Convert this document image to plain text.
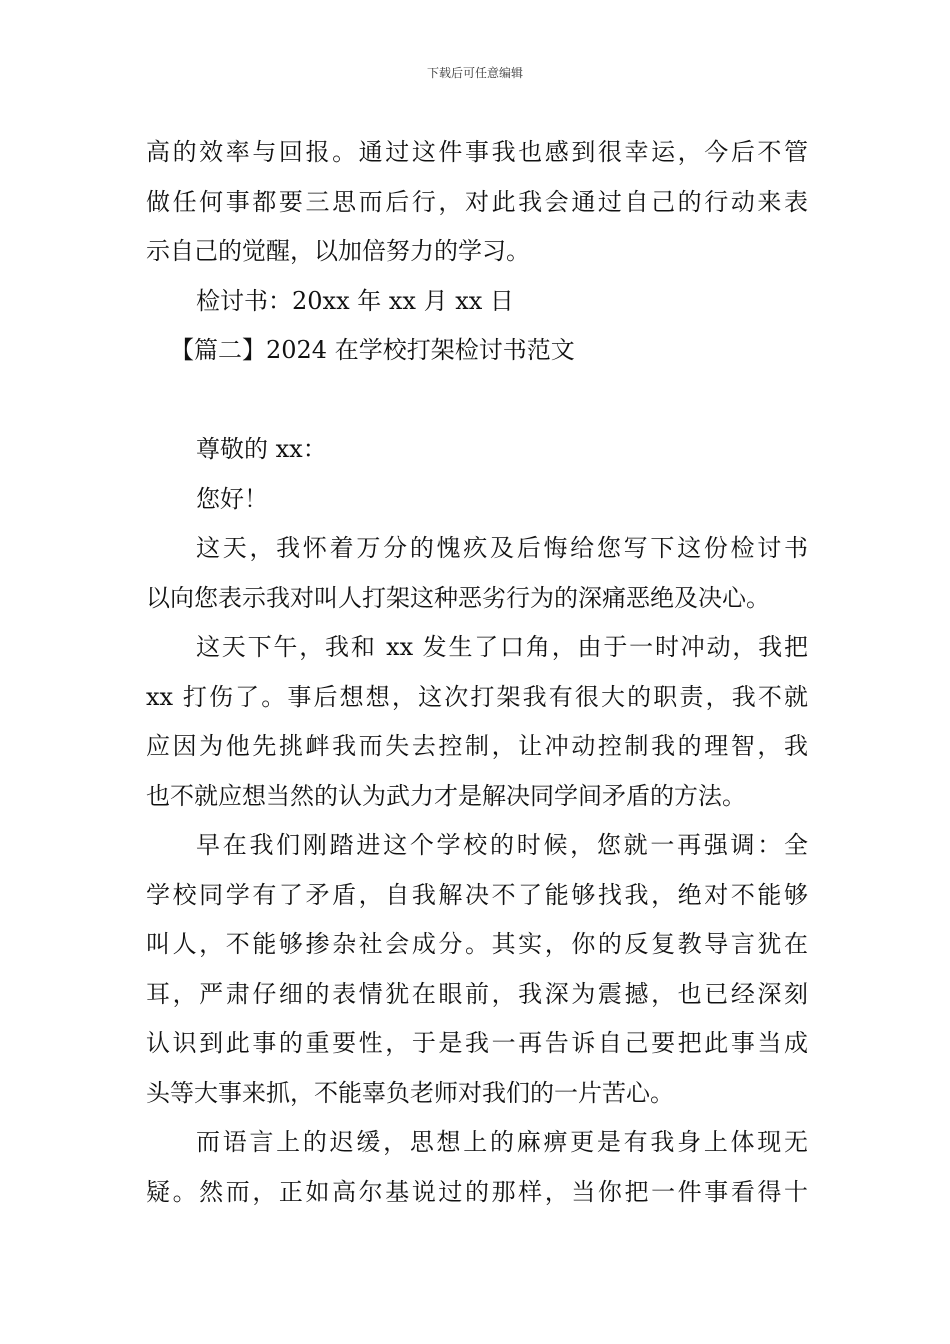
下载后可任意编辑
高的效率与回报。通过这件事我也感到很幸运，今后不管
做任何事都要三思而后行，对此我会通过自己的行动来表
示自己的觉醒，以加倍努力的学习。
检讨书：20xx 年 xx 月 xx 日
【篇二】2024 在学校打架检讨书范文
尊敬的 xx：
您好！
这天，我怀着万分的愧疚及后悔给您写下这份检讨书
以向您表示我对叫人打架这种恶劣行为的深痛恶绝及决心。
这天下午，我和 xx 发生了口角，由于一时冲动，我把
xx 打伤了。事后想想，这次打架我有很大的职责，我不就
应因为他先挑衅我而失去控制，让冲动控制我的理智，我
也不就应想当然的认为武力才是解决同学间矛盾的方法。
早在我们刚踏进这个学校的时候，您就一再强调：全
学校同学有了矛盾，自我解决不了能够找我，绝对不能够
叫人，不能够掺杂社会成分。其实，你的反复教导言犹在
耳，严肃仔细的表情犹在眼前，我深为震撼，也已经深刻
认识到此事的重要性，于是我一再告诉自己要把此事当成
头等大事来抓，不能辜负老师对我们的一片苦心。
而语言上的迟缓，思想上的麻痹更是有我身上体现无
疑。然而，正如高尔基说过的那样，当你把一件事看得十
